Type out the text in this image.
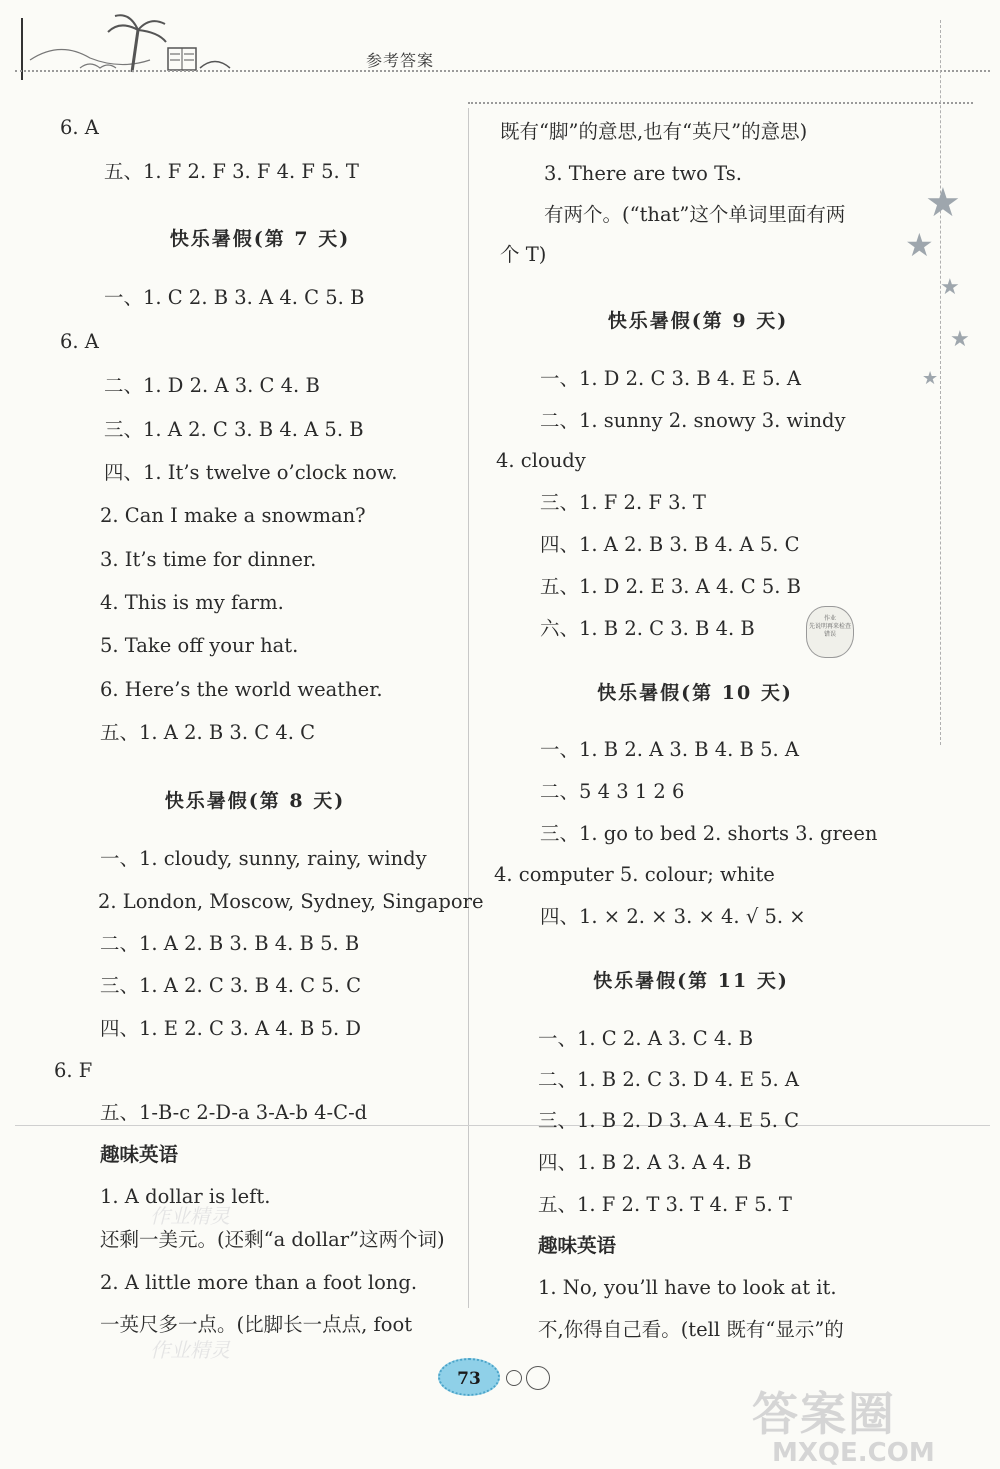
参考答案
★
★
★
★
★
6. A
五、1. F 2. F 3. F 4. F 5. T
快乐暑假(第 7 天)
一、1. C 2. B 3. A 4. C 5. B
6. A
二、1. D 2. A 3. C 4. B
三、1. A 2. C 3. B 4. A 5. B
四、1. It’s twelve o’clock now.
2. Can I make a snowman?
3. It’s time for dinner.
4. This is my farm.
5. Take off your hat.
6. Here’s the world weather.
五、1. A 2. B 3. C 4. C
快乐暑假(第 8 天)
一、1. cloudy, sunny, rainy, windy
2. London, Moscow, Sydney, Singapore
二、1. A 2. B 3. B 4. B 5. B
三、1. A 2. C 3. B 4. C 5. C
四、1. E 2. C 3. A 4. B 5. D
6. F
五、1-B-c 2-D-a 3-A-b 4-C-d
趣味英语
1. A dollar is left.
还剩一美元。(还剩“a dollar”这两个词)
2. A little more than a foot long.
一英尺多一点。(比脚长一点点, foot
作业精灵
作业精灵
既有“脚”的意思,也有“英尺”的意思)
3. There are two Ts.
有两个。(“that”这个单词里面有两
个 T)
快乐暑假(第 9 天)
一、1. D 2. C 3. B 4. E 5. A
二、1. sunny 2. snowy 3. windy
4. cloudy
三、1. F 2. F 3. T
四、1. A 2. B 3. B 4. A 5. C
五、1. D 2. E 3. A 4. C 5. B
六、1. B 2. C 3. B 4. B	作业
先说明再来检查
错误
快乐暑假(第 10 天)
一、1. B 2. A 3. B 4. B 5. A
二、5 4 3 1 2 6
三、1. go to bed 2. shorts 3. green
4. computer 5. colour; white
四、1. × 2. × 3. × 4. √ 5. ×
快乐暑假(第 11 天)
一、1. C 2. A 3. C 4. B
二、1. B 2. C 3. D 4. E 5. A
三、1. B 2. D 3. A 4. E 5. C
四、1. B 2. A 3. A 4. B
五、1. F 2. T 3. T 4. F 5. T
趣味英语
1. No, you’ll have to look at it.
不,你得自己看。(tell 既有“显示”的
73
答案圈
MXQE.COM
